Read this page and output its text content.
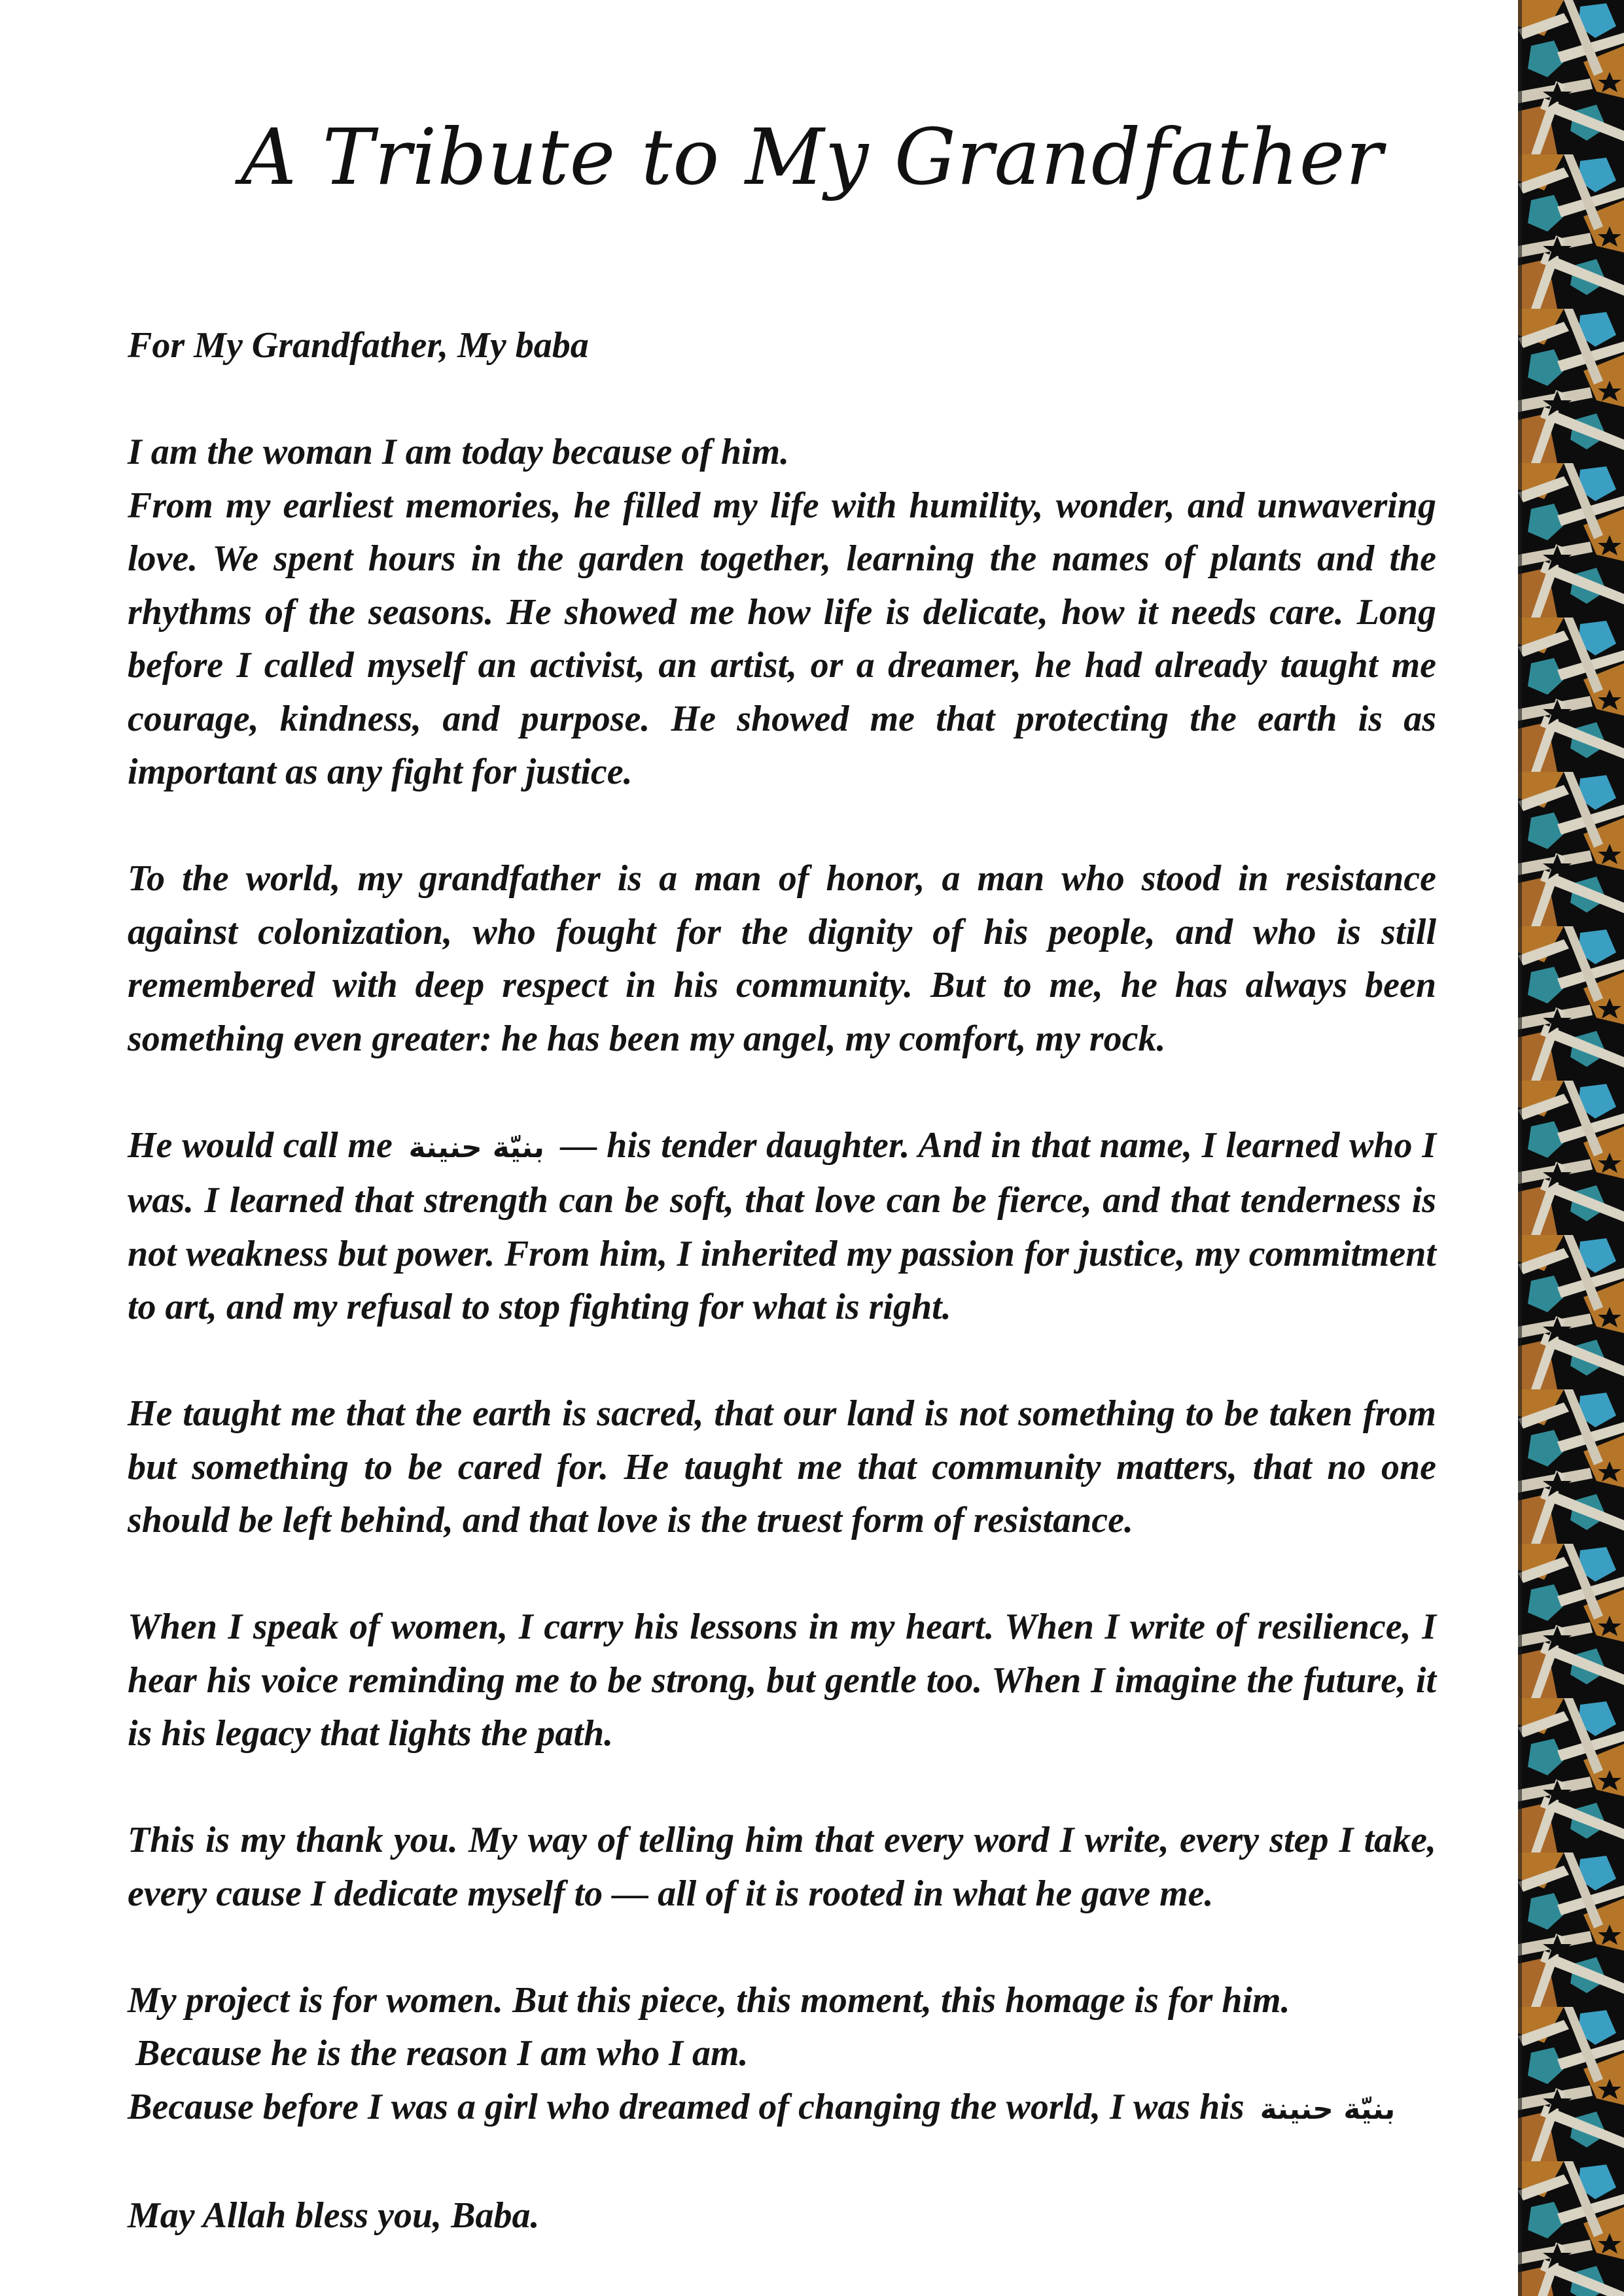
A Tribute to My Grandfather

For My Grandfather, My baba

I am the woman I am today because of him.
From my earliest memories, he filled my life with humility, wonder, and unwavering love. We spent hours in the garden together, learning the names of plants and the rhythms of the seasons. He showed me how life is delicate, how it needs care. Long before I called myself an activist, an artist, or a dreamer, he had already taught me courage, kindness, and purpose. He showed me that protecting the earth is as important as any fight for justice.

To the world, my grandfather is a man of honor, a man who stood in resistance against colonization, who fought for the dignity of his people, and who is still remembered with deep respect in his community. But to me, he has always been something even greater: he has been my angel, my comfort, my rock.

He would call me بنيّة حنينة — his tender daughter. And in that name, I learned who I was. I learned that strength can be soft, that love can be fierce, and that tenderness is not weakness but power. From him, I inherited my passion for justice, my commitment to art, and my refusal to stop fighting for what is right.

He taught me that the earth is sacred, that our land is not something to be taken from but something to be cared for. He taught me that community matters, that no one should be left behind, and that love is the truest form of resistance.

When I speak of women, I carry his lessons in my heart. When I write of resilience, I hear his voice reminding me to be strong, but gentle too. When I imagine the future, it is his legacy that lights the path.

This is my thank you. My way of telling him that every word I write, every step I take, every cause I dedicate myself to — all of it is rooted in what he gave me.

My project is for women. But this piece, this moment, this homage is for him.
Because he is the reason I am who I am.
Because before I was a girl who dreamed of changing the world, I was his بنيّة حنينة

May Allah bless you, Baba.
